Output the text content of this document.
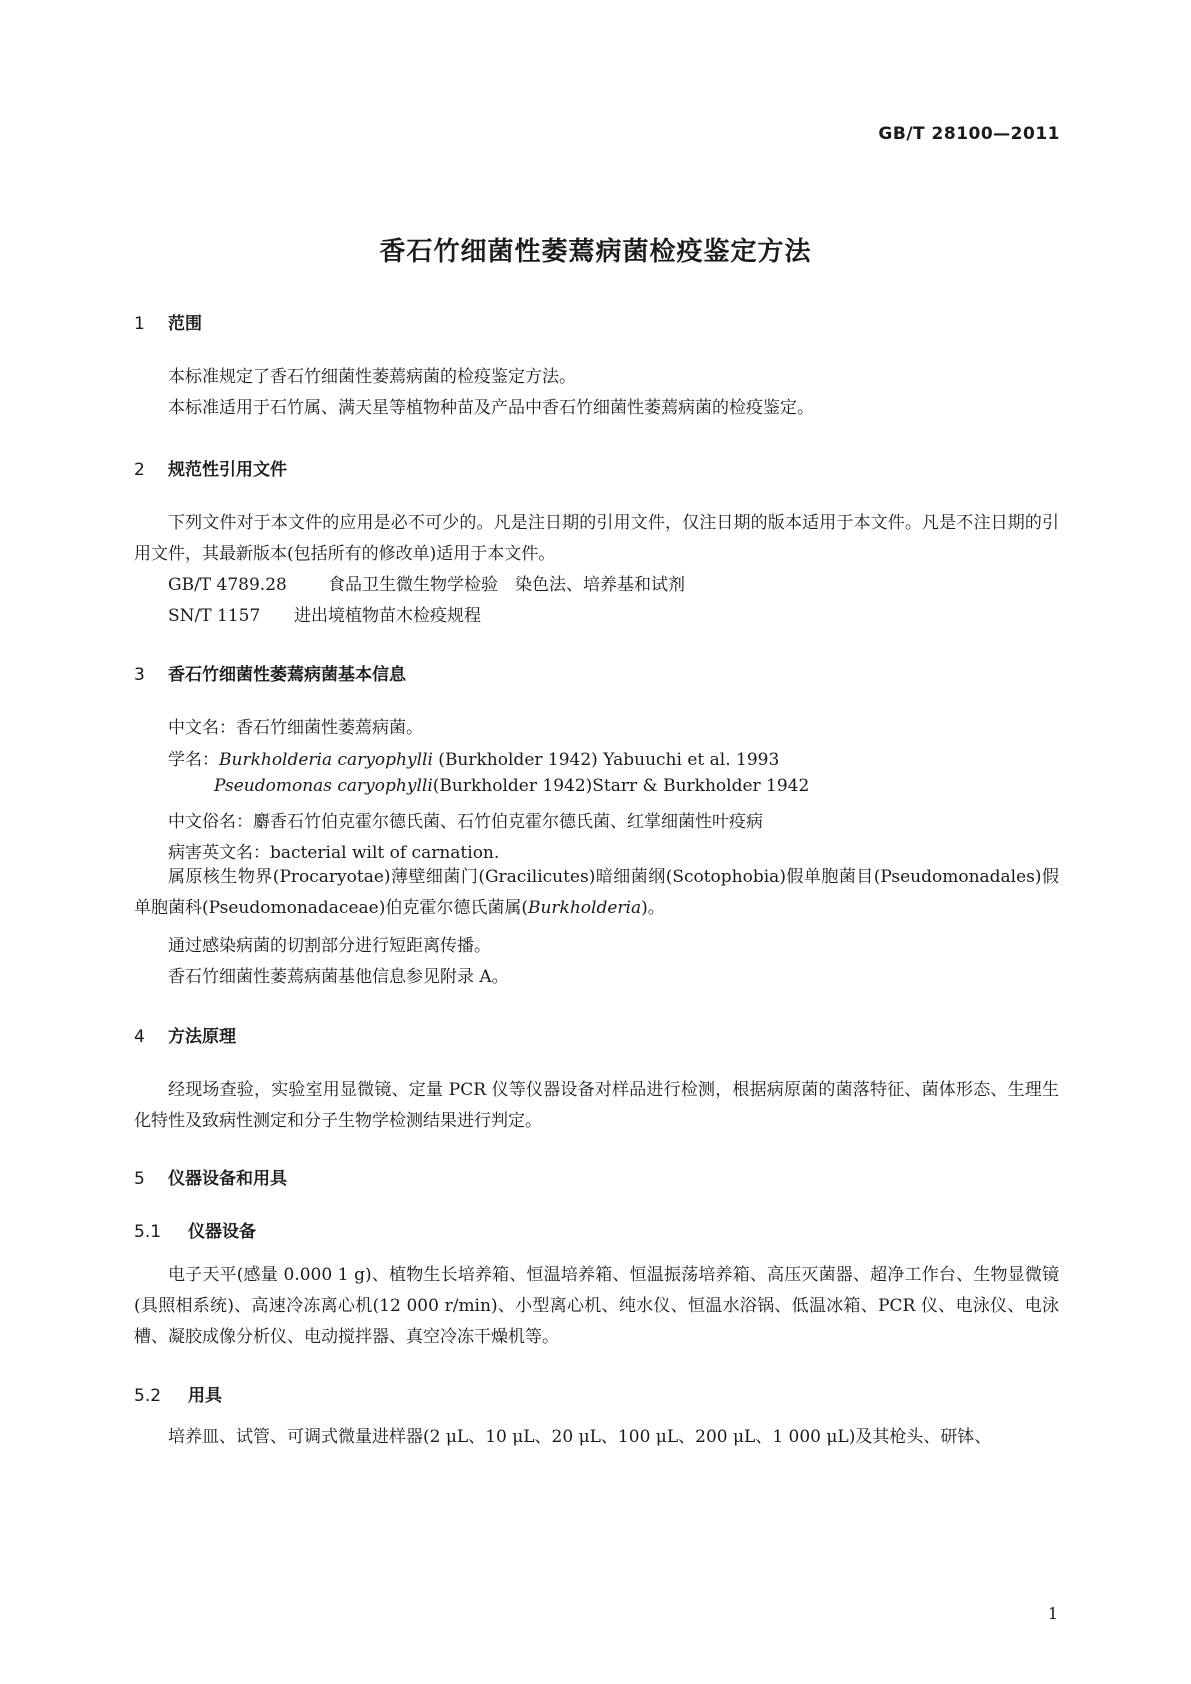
GB/T 28100—2011
香石竹细菌性萎蔫病菌检疫鉴定方法
1 范围
本标准规定了香石竹细菌性萎蔫病菌的检疫鉴定方法。
本标准适用于石竹属、满天星等植物种苗及产品中香石竹细菌性萎蔫病菌的检疫鉴定。
2 规范性引用文件
下列文件对于本文件的应用是必不可少的。凡是注日期的引用文件，仅注日期的版本适用于本文件。凡是不注日期的引用文件，其最新版本(包括所有的修改单)适用于本文件。
GB/T 4789.28 食品卫生微生物学检验　染色法、培养基和试剂
SN/T 1157 进出境植物苗木检疫规程
3 香石竹细菌性萎蔫病菌基本信息
中文名：香石竹细菌性萎蔫病菌。
学名：Burkholderia caryophylli (Burkholder 1942) Yabuuchi et al. 1993
Pseudomonas caryophylli(Burkholder 1942)Starr & Burkholder 1942
中文俗名：麝香石竹伯克霍尔德氏菌、石竹伯克霍尔德氏菌、红掌细菌性叶疫病
病害英文名：bacterial wilt of carnation.
属原核生物界(Procaryotae)薄壁细菌门(Gracilicutes)暗细菌纲(Scotophobia)假单胞菌目(Pseudomonadales)假单胞菌科(Pseudomonadaceae)伯克霍尔德氏菌属(Burkholderia)。
通过感染病菌的切割部分进行短距离传播。
香石竹细菌性萎蔫病菌基他信息参见附录 A。
4 方法原理
经现场查验，实验室用显微镜、定量 PCR 仪等仪器设备对样品进行检测，根据病原菌的菌落特征、菌体形态、生理生化特性及致病性测定和分子生物学检测结果进行判定。
5 仪器设备和用具
5.1 仪器设备
电子天平(感量 0.000 1 g)、植物生长培养箱、恒温培养箱、恒温振荡培养箱、高压灭菌器、超净工作台、生物显微镜(具照相系统)、高速冷冻离心机(12 000 r/min)、小型离心机、纯水仪、恒温水浴锅、低温冰箱、PCR 仪、电泳仪、电泳槽、凝胶成像分析仪、电动搅拌器、真空冷冻干燥机等。
5.2 用具
培养皿、试管、可调式微量进样器(2 μL、10 μL、20 μL、100 μL、200 μL、1 000 μL)及其枪头、研钵、
1
